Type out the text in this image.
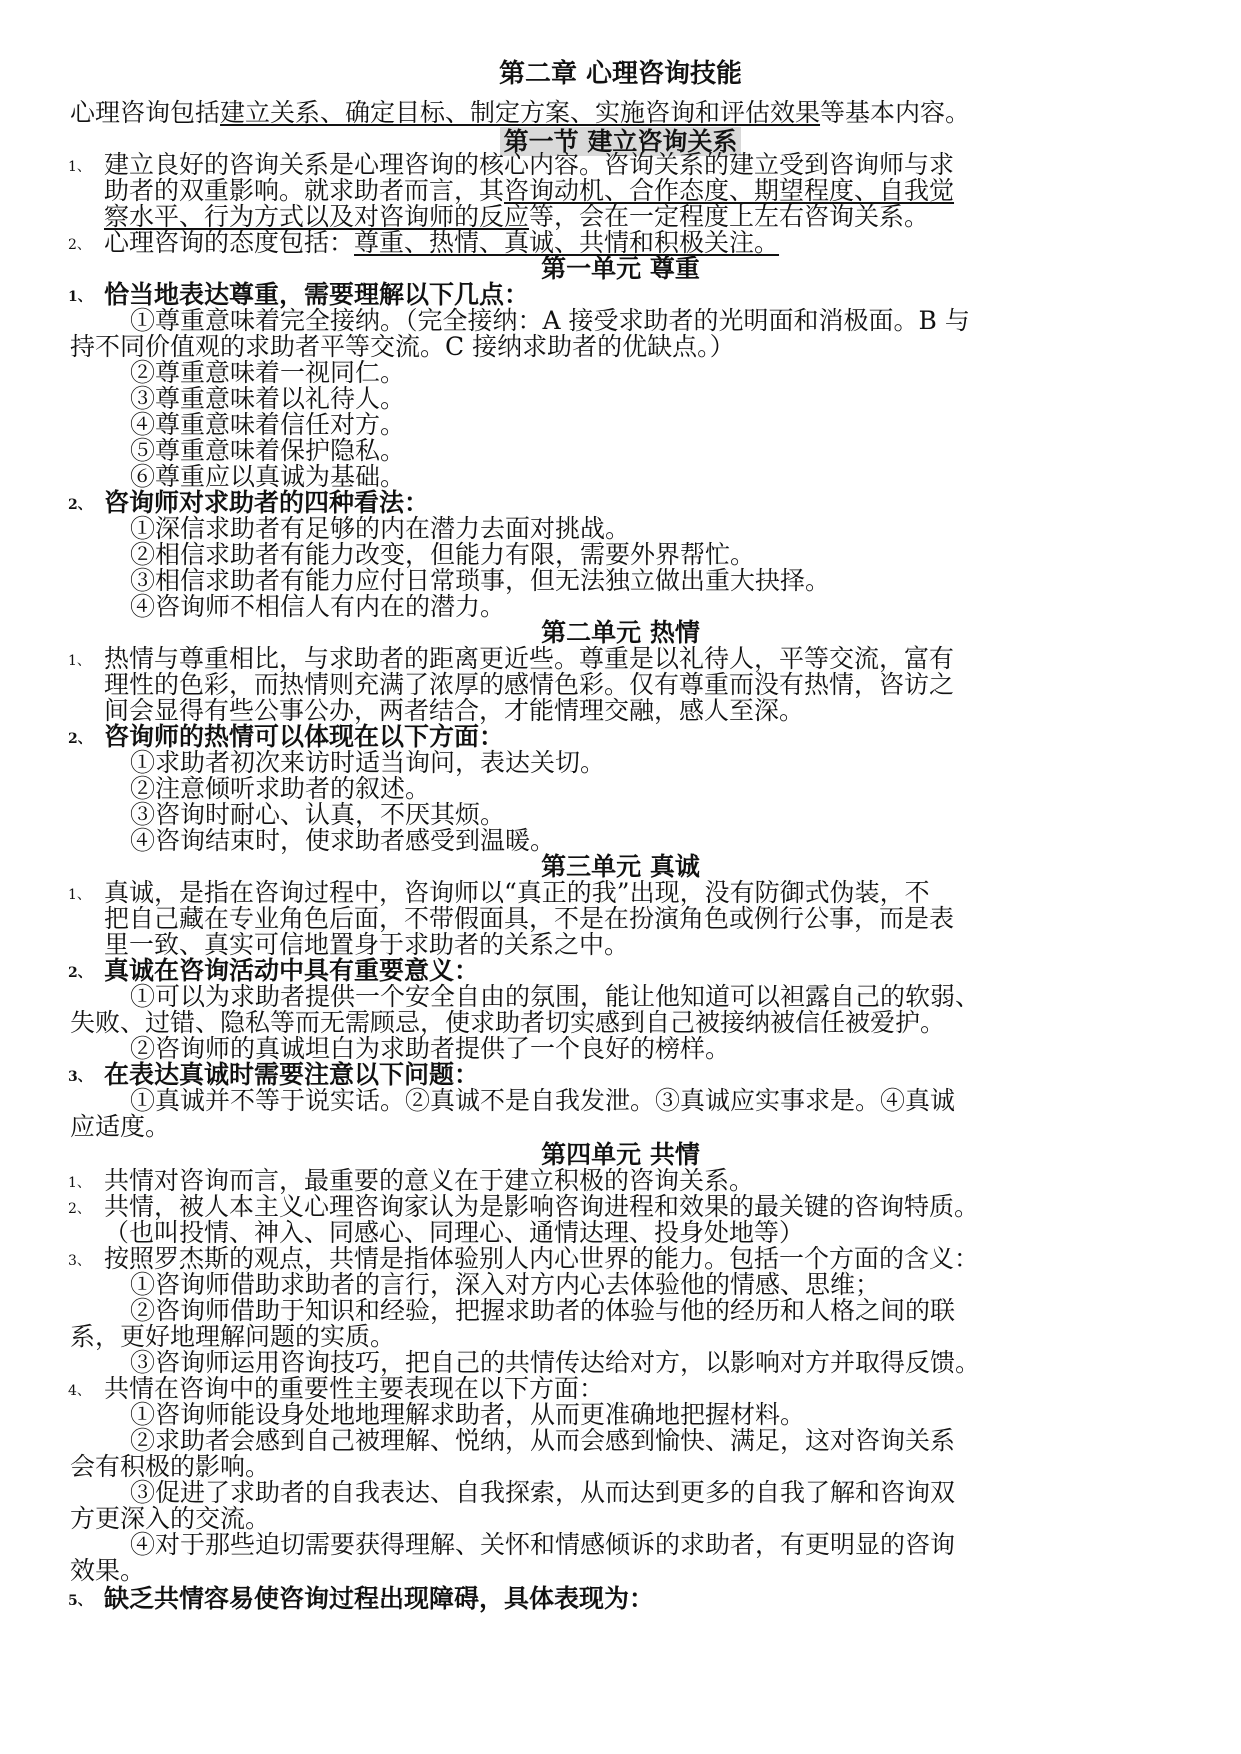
第二章 心理咨询技能
心理咨询包括建立关系、确定目标、制定方案、实施咨询和评估效果等基本内容。
第一节 建立咨询关系
1、 建立良好的咨询关系是心理咨询的核心内容。咨询关系的建立受到咨询师与求
助者的双重影响。就求助者而言，其咨询动机、合作态度、期望程度、自我觉
察水平、行为方式以及对咨询师的反应等，会在一定程度上左右咨询关系。
2、 心理咨询的态度包括：尊重、热情、真诚、共情和积极关注。
第一单元 尊重
1、 恰当地表达尊重，需要理解以下几点：
①尊重意味着完全接纳。（完全接纳：A 接受求助者的光明面和消极面。B 与
持不同价值观的求助者平等交流。C 接纳求助者的优缺点。）
②尊重意味着一视同仁。
③尊重意味着以礼待人。
④尊重意味着信任对方。
⑤尊重意味着保护隐私。
⑥尊重应以真诚为基础。
2、 咨询师对求助者的四种看法：
①深信求助者有足够的内在潜力去面对挑战。
②相信求助者有能力改变，但能力有限，需要外界帮忙。
③相信求助者有能力应付日常琐事，但无法独立做出重大抉择。
④咨询师不相信人有内在的潜力。
第二单元 热情
1、 热情与尊重相比，与求助者的距离更近些。尊重是以礼待人，平等交流，富有
理性的色彩，而热情则充满了浓厚的感情色彩。仅有尊重而没有热情，咨访之
间会显得有些公事公办，两者结合，才能情理交融，感人至深。
2、 咨询师的热情可以体现在以下方面：
①求助者初次来访时适当询问，表达关切。
②注意倾听求助者的叙述。
③咨询时耐心、认真，不厌其烦。
④咨询结束时，使求助者感受到温暖。
第三单元 真诚
1、 真诚，是指在咨询过程中，咨询师以“真正的我”出现，没有防御式伪装，不
把自己藏在专业角色后面，不带假面具，不是在扮演角色或例行公事，而是表
里一致、真实可信地置身于求助者的关系之中。
2、 真诚在咨询活动中具有重要意义：
①可以为求助者提供一个安全自由的氛围，能让他知道可以袒露自己的软弱、
失败、过错、隐私等而无需顾忌，使求助者切实感到自己被接纳被信任被爱护。
②咨询师的真诚坦白为求助者提供了一个良好的榜样。
3、 在表达真诚时需要注意以下问题：
①真诚并不等于说实话。②真诚不是自我发泄。③真诚应实事求是。④真诚
应适度。
第四单元 共情
1、 共情对咨询而言，最重要的意义在于建立积极的咨询关系。
2、 共情，被人本主义心理咨询家认为是影响咨询进程和效果的最关键的咨询特质。
（也叫投情、神入、同感心、同理心、通情达理、投身处地等）
3、 按照罗杰斯的观点，共情是指体验别人内心世界的能力。包括一个方面的含义：
①咨询师借助求助者的言行，深入对方内心去体验他的情感、思维；
②咨询师借助于知识和经验，把握求助者的体验与他的经历和人格之间的联
系，更好地理解问题的实质。
③咨询师运用咨询技巧，把自己的共情传达给对方，以影响对方并取得反馈。
4、 共情在咨询中的重要性主要表现在以下方面：
①咨询师能设身处地地理解求助者，从而更准确地把握材料。
②求助者会感到自己被理解、悦纳，从而会感到愉快、满足，这对咨询关系
会有积极的影响。
③促进了求助者的自我表达、自我探索，从而达到更多的自我了解和咨询双
方更深入的交流。
④对于那些迫切需要获得理解、关怀和情感倾诉的求助者，有更明显的咨询
效果。
5、 缺乏共情容易使咨询过程出现障碍，具体表现为：
